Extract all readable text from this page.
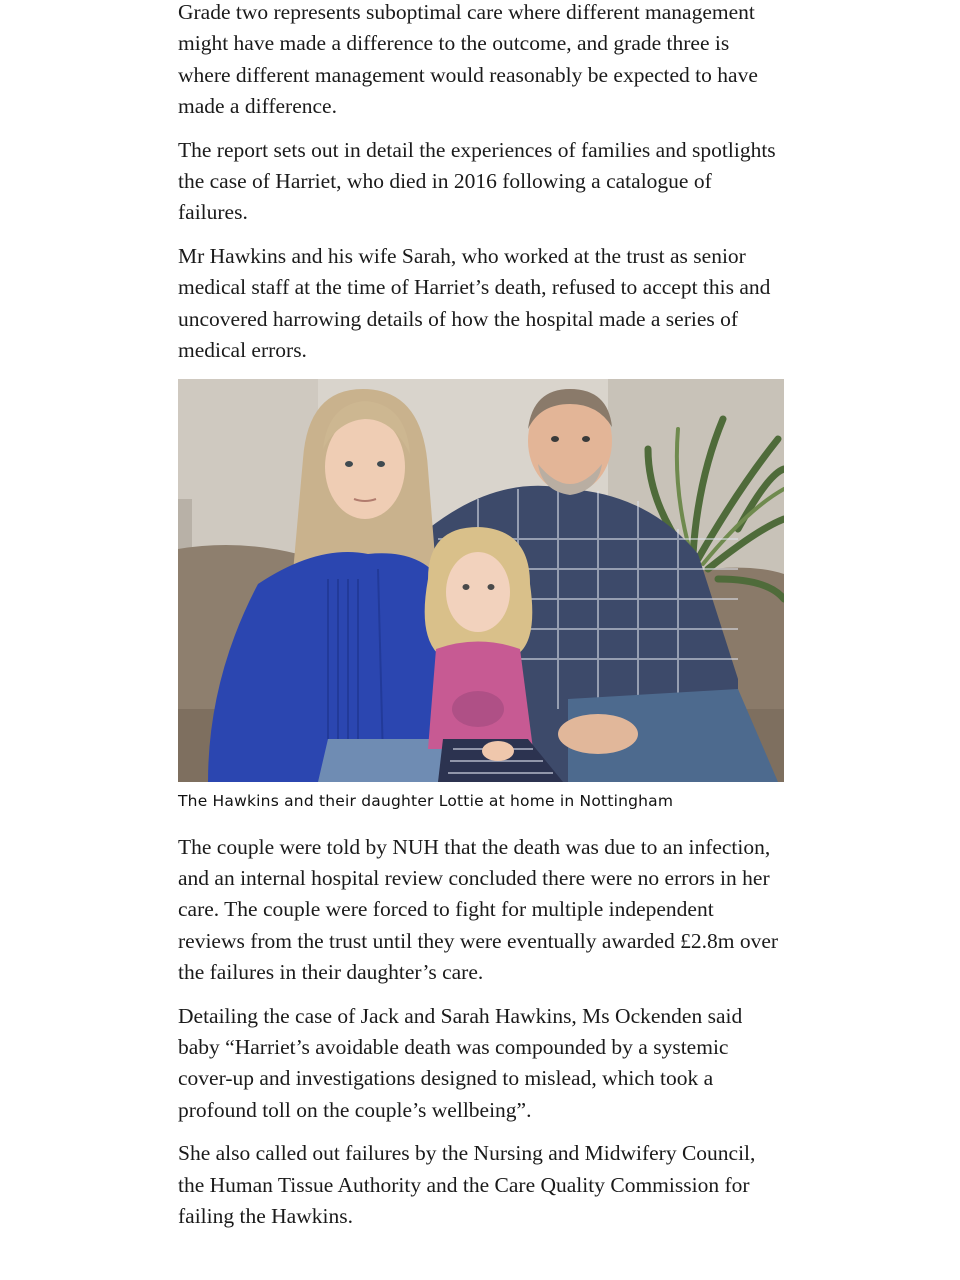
Grade two represents suboptimal care where different management might have made a difference to the outcome, and grade three is where different management would reasonably be expected to have made a difference.

The report sets out in detail the experiences of families and spotlights the case of Harriet, who died in 2016 following a catalogue of failures.

Mr Hawkins and his wife Sarah, who worked at the trust as senior medical staff at the time of Harriet’s death, refused to accept this and uncovered harrowing details of how the hospital made a series of medical errors.

The Hawkins and their daughter Lottie at home in Nottingham

The couple were told by NUH that the death was due to an infection, and an internal hospital review concluded there were no errors in her care. The couple were forced to fight for multiple independent reviews from the trust until they were eventually awarded £2.8m over the failures in their daughter’s care.

Detailing the case of Jack and Sarah Hawkins, Ms Ockenden said baby “Harriet’s avoidable death was compounded by a systemic cover-up and investigations designed to mislead, which took a profound toll on the couple’s wellbeing”.

She also called out failures by the Nursing and Midwifery Council, the Human Tissue Authority and the Care Quality Commission for failing the Hawkins.
